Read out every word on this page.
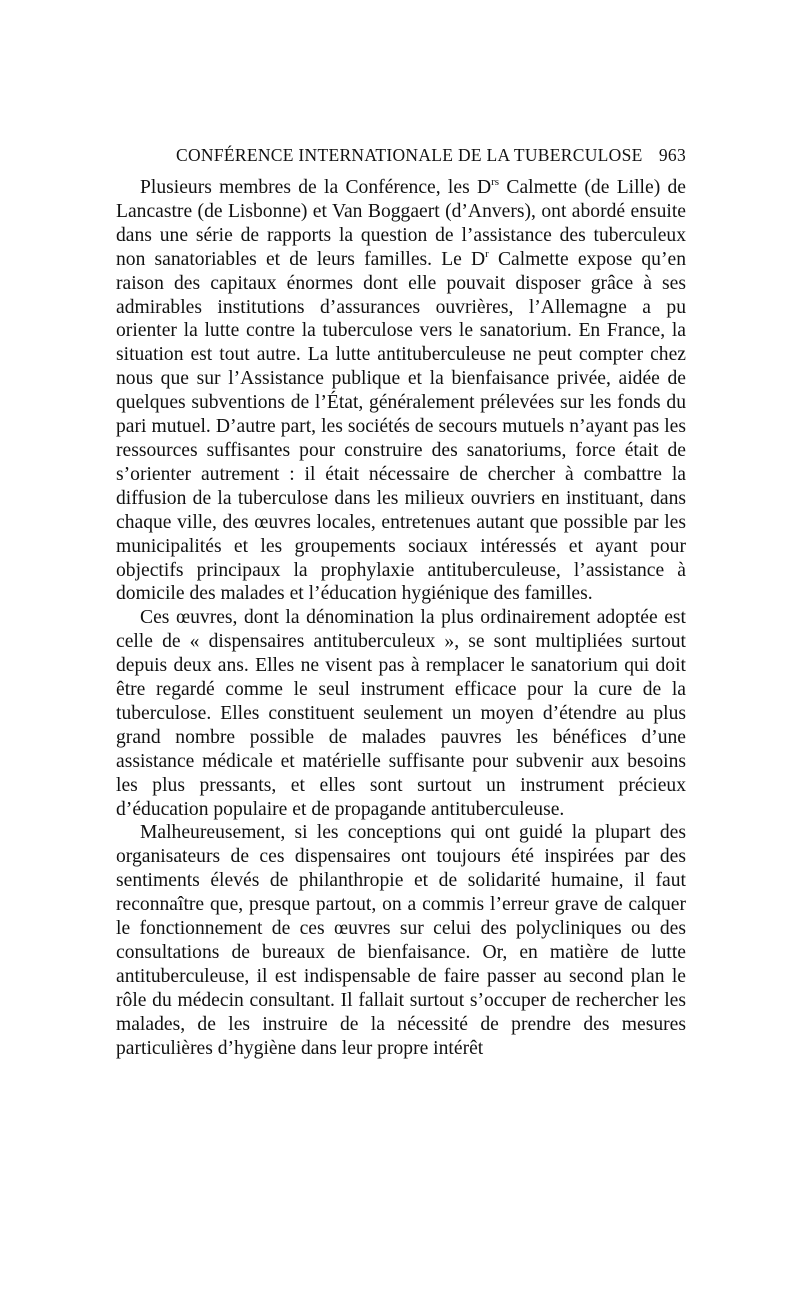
CONFÉRENCE INTERNATIONALE DE LA TUBERCULOSE 963

Plusieurs membres de la Conférence, les $D^{rs}$ Calmette (de Lille) de Lancastre (de Lisbonne) et Van Boggaert (d’Anvers), ont abordé ensuite dans une série de rapports la question de l’assistance des tuberculeux non sanatoriables et de leurs familles. Le $D^r$ Calmette expose qu’en raison des capitaux énormes dont elle pouvait disposer grâce à ses admirables institutions d’assurances ouvrières, l’Allemagne a pu orienter la lutte contre la tuberculose vers le sanatorium. En France, la situation est tout autre. La lutte antituberculeuse ne peut compter chez nous que sur l’Assistance publique et la bienfaisance privée, aidée de quelques subventions de l’État, généralement prélevées sur les fonds du pari mutuel. D’autre part, les sociétés de secours mutuels n’ayant pas les ressources suffisantes pour construire des sanatoriums, force était de s’orienter autrement : il était nécessaire de chercher à combattre la diffusion de la tuberculose dans les milieux ouvriers en instituant, dans chaque ville, des œuvres locales, entretenues autant que possible par les municipalités et les groupements sociaux intéressés et ayant pour objectifs principaux la prophylaxie antituberculeuse, l’assistance à domicile des malades et l’éducation hygiénique des familles.

Ces œuvres, dont la dénomination la plus ordinairement adoptée est celle de « dispensaires antituberculeux », se sont multipliées surtout depuis deux ans. Elles ne visent pas à remplacer le sanatorium qui doit être regardé comme le seul instrument efficace pour la cure de la tuberculose. Elles constituent seulement un moyen d’étendre au plus grand nombre possible de malades pauvres les bénéfices d’une assistance médicale et matérielle suffisante pour subvenir aux besoins les plus pressants, et elles sont surtout un instrument précieux d’éducation populaire et de propagande antituberculeuse.

Malheureusement, si les conceptions qui ont guidé la plupart des organisateurs de ces dispensaires ont toujours été inspirées par des sentiments élevés de philanthropie et de solidarité humaine, il faut reconnaître que, presque partout, on a commis l’erreur grave de calquer le fonctionnement de ces œuvres sur celui des polycliniques ou des consultations de bureaux de bienfaisance. Or, en matière de lutte antituberculeuse, il est indispensable de faire passer au second plan le rôle du médecin consultant. Il fallait surtout s’occuper de rechercher les malades, de les instruire de la nécessité de prendre des mesures particulières d’hygiène dans leur propre intérêt
